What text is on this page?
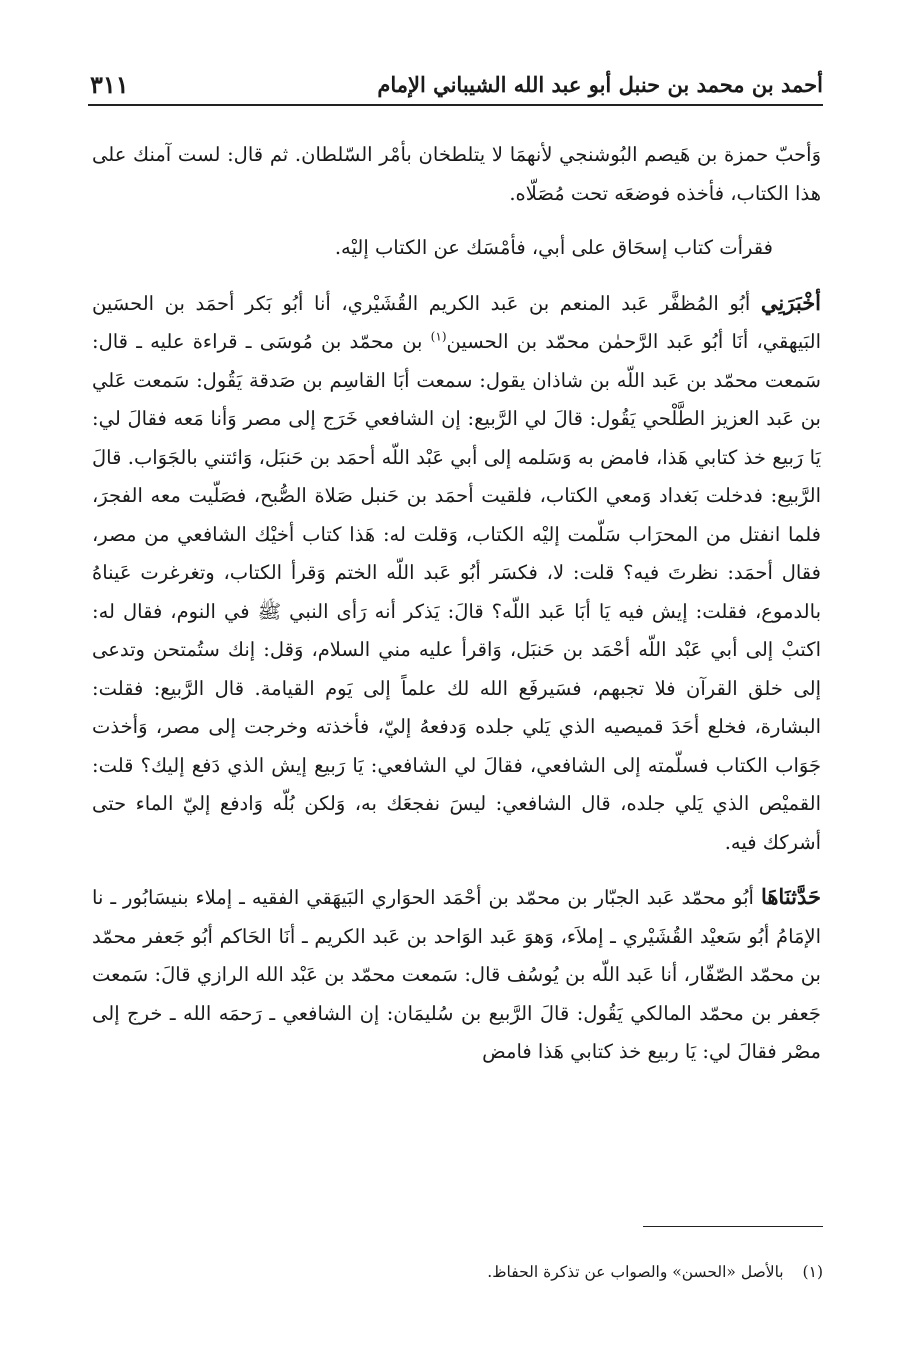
أحمد بن محمد بن حنبل أبو عبد الله الشيباني الإمام
٣١١

وَأحبّ حمزة بن هَيصم البُوشنجي لأنهمَا لا يتلطخان بأمْر السّلطان. ثم قال: لست آمنك على هذا الكتاب، فأخذه فوضعَه تحت مُصَلّاه.

فقرأت كتاب إسحَاق على أبي، فأمْسَك عن الكتاب إليْه.

أخْبَرَنِي أبُو المُظفَّر عَبد المنعم بن عَبد الكريم القُشَيْري، أنا أبُو بَكر أحمَد بن الحسَين البَيهقي، أنَا أبُو عَبد الرَّحمٰن محمّد بن الحسين$^{(١)}$ بن محمّد بن مُوسَى ـ قراءة عليه ـ قال: سَمعت محمّد بن عَبد اللّه بن شاذان يقول: سمعت أبَا القاسِم بن صَدقة يَقُول: سَمعت عَلي بن عَبد العزيز الطَّلْحي يَقُول: قالَ لي الرَّبيع: إن الشافعي خَرَج إلى مصر وَأنا مَعه فقالَ لي: يَا رَبيع خذ كتابي هَذا، فامض به وَسَلمه إلى أبي عَبْد اللّه أحمَد بن حَنبَل، وَائتني بالجَوَاب. قالَ الرَّبيع: فدخلت بَغداد وَمعي الكتاب، فلقيت أحمَد بن حَنبل صَلاة الصُّبح، فصَلّيت معه الفجرَ، فلما انفتل من المحرَاب سَلّمت إليْه الكتاب، وَقلت له: هَذا كتاب أخيْك الشافعي من مصر، فقال أحمَد: نظرتَ فيه؟ قلت: لا، فكسَر أبُو عَبد اللّه الختم وَقرأ الكتاب، وتغرغرت عَيناهُ بالدموع، فقلت: إيش فيه يَا أبَا عَبد اللّه؟ قالَ: يَذكر أنه رَأى النبي ﷺ في النوم، فقال له: اكتبْ إلى أبي عَبْد اللّه أحْمَد بن حَنبَل، وَاقرأ عليه مني السلام، وَقل: إنك ستُمتحن وتدعى إلى خلق القرآن فلا تجبهم، فسَيرفَع الله لك علماً إلى يَوم القيامة. قال الرَّبيع: فقلت: البشارة، فخلع أحَدَ قميصيه الذي يَلي جلده وَدفعهُ إليّ، فأخذته وخرجت إلى مصر، وَأخذت جَوَاب الكتاب فسلّمته إلى الشافعي، فقالَ لي الشافعي: يَا رَبيع إيش الذي دَفع إليك؟ قلت: القميْص الذي يَلي جلده، قال الشافعي: ليسَ نفجعَك به، وَلكن بُلّه وَادفع إليّ الماء حتى أشركك فيه.

حَدَّثنَاهَا أبُو محمّد عَبد الجبّار بن محمّد بن أحْمَد الحوَاري البَيهَقي الفقيه ـ إملاء بنيسَابُور ـ نا الإمَامُ أبُو سَعيْد القُشَيْري ـ إملاَء، وَهوَ عَبد الوَاحد بن عَبد الكريم ـ أنَا الحَاكم أبُو جَعفر محمّد بن محمّد الصّفّار، أنا عَبد اللّه بن يُوسُف قال: سَمعت محمّد بن عَبْد الله الرازي قالَ: سَمعت جَعفر بن محمّد المالكي يَقُول: قالَ الرَّبيع بن سُليمَان: إن الشافعي ـ رَحمَه الله ـ خرج إلى مصْر فقالَ لي: يَا ربيع خذ كتابي هَذا فامض

(١) بالأصل «الحسن» والصواب عن تذكرة الحفاظ.
